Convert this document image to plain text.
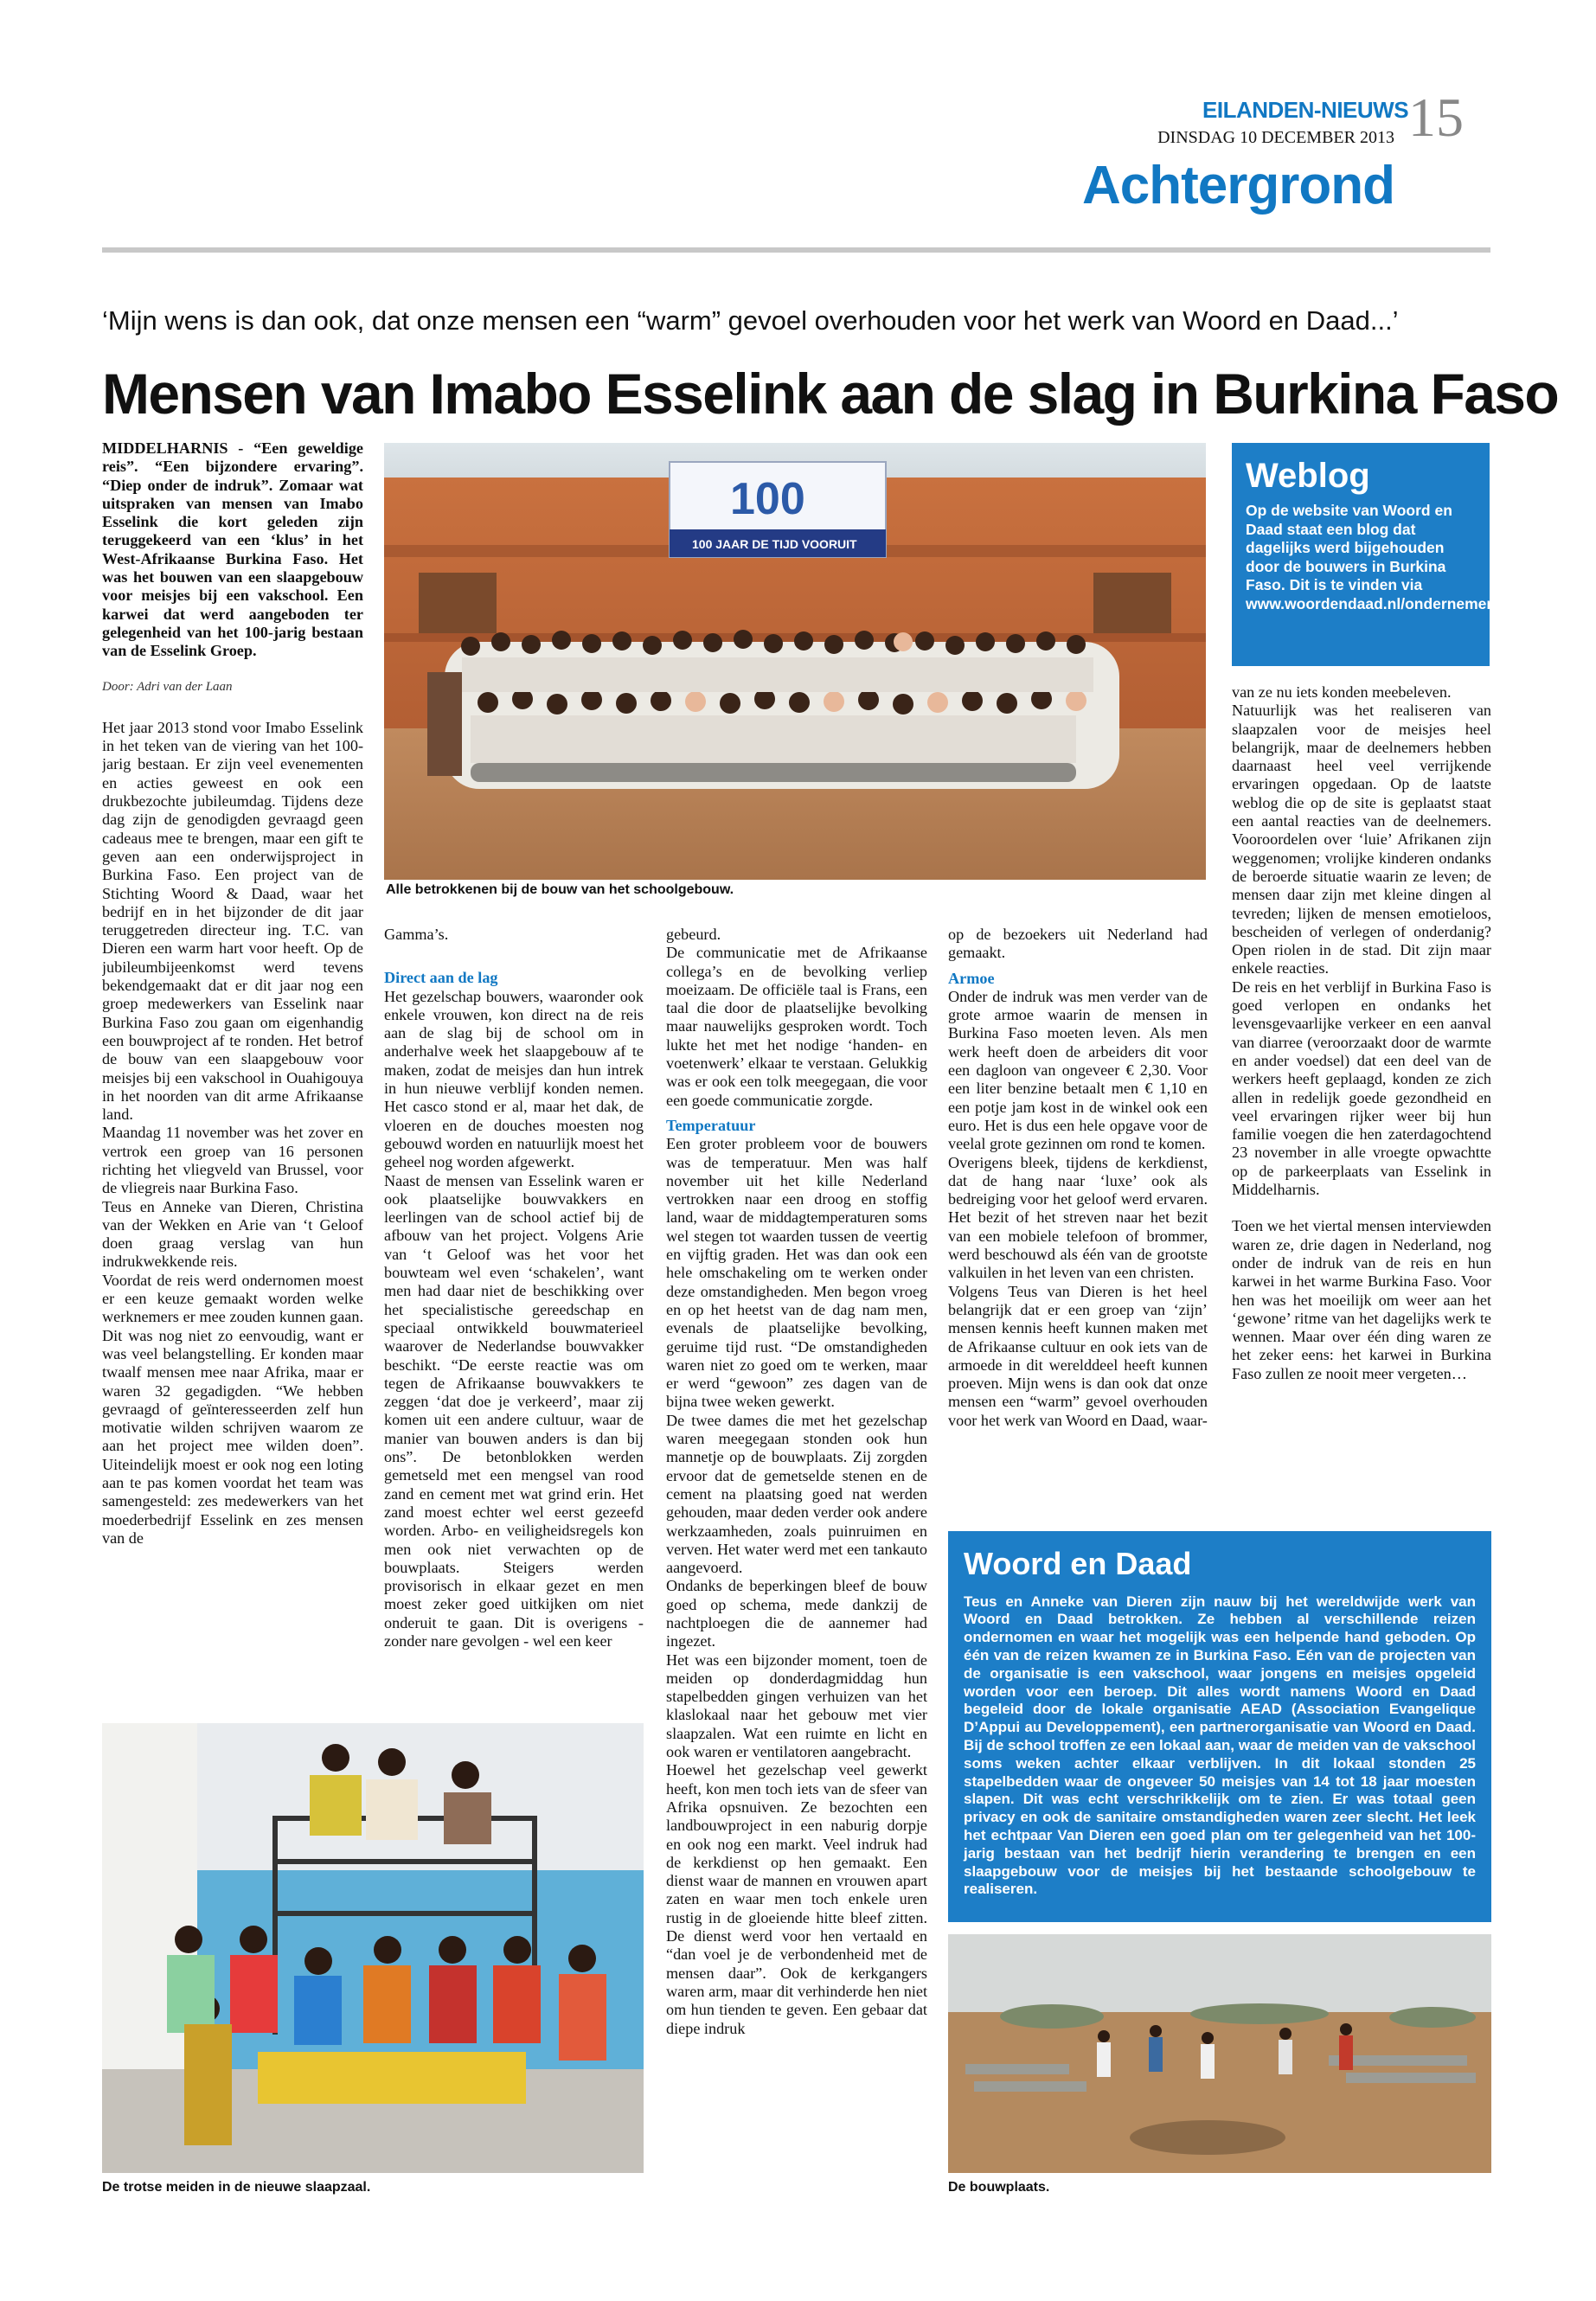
EILANDEN-NIEUWS
DINSDAG 10 DECEMBER 2013 15
Achtergrond
‘Mijn wens is dan ook, dat onze mensen een “warm” gevoel overhouden voor het werk van Woord en Daad...’
Mensen van Imabo Esselink aan de slag in Burkina Faso

MIDDELHARNIS - “Een geweldige reis”. “Een bijzondere ervaring”. “Diep onder de indruk”. Zomaar wat uitspraken van mensen van Imabo Esselink die kort geleden zijn teruggekeerd van een ‘klus’ in het West-Afrikaanse Burkina Faso. Het was het bouwen van een slaapgebouw voor meisjes bij een vakschool. Een karwei dat werd aangeboden ter gelegenheid van het 100-jarig bestaan van de Esselink Groep.

Door: Adri van der Laan

Het jaar 2013 stond voor Imabo Esselink in het teken van de viering van het 100-jarig bestaan. Er zijn veel evenementen en acties geweest en ook een drukbezochte jubileumdag. Tijdens deze dag zijn de genodigden gevraagd geen cadeaus mee te brengen, maar een gift te geven aan een onderwijsproject in Burkina Faso. Een project van de Stichting Woord & Daad, waar het bedrijf en in het bijzonder de dit jaar teruggetreden directeur ing. T.C. van Dieren een warm hart voor heeft. Op de jubileumbijeenkomst werd tevens bekendgemaakt dat er dit jaar nog een groep medewerkers van Esselink naar Burkina Faso zou gaan om eigenhandig een bouwproject af te ronden. Het betrof de bouw van een slaapgebouw voor meisjes bij een vakschool in Ouahigouya in het noorden van dit arme Afrikaanse land.

Maandag 11 november was het zover en vertrok een groep van 16 personen richting het vliegveld van Brussel, voor de vliegreis naar Burkina Faso.

Teus en Anneke van Dieren, Christina van der Wekken en Arie van ‘t Geloof doen graag verslag van hun indrukwekkende reis.

Voordat de reis werd ondernomen moest er een keuze gemaakt worden welke werknemers er mee zouden kunnen gaan. Dit was nog niet zo eenvoudig, want er was veel belangstelling. Er konden maar twaalf mensen mee naar Afrika, maar er waren 32 gegadigden. “We hebben gevraagd of geïnteresseerden zelf hun motivatie wilden schrijven waarom ze aan het project mee wilden doen”. Uiteindelijk moest er ook nog een loting aan te pas komen voordat het team was samengesteld: zes medewerkers van het moederbedrijf Esselink en zes mensen van de

100
100 JAAR DE TIJD VOORUIT
Alle betrokkenen bij de bouw van het schoolgebouw.

Gamma’s.

Direct aan de lag

Het gezelschap bouwers, waaronder ook enkele vrouwen, kon direct na de reis aan de slag bij de school om in anderhalve week het slaapgebouw af te maken, zodat de meisjes dan hun intrek in hun nieuwe verblijf konden nemen. Het casco stond er al, maar het dak, de vloeren en de douches moesten nog gebouwd worden en natuurlijk moest het geheel nog worden afgewerkt.

Naast de mensen van Esselink waren er ook plaatselijke bouwvakkers en leerlingen van de school actief bij de afbouw van het project. Volgens Arie van ‘t Geloof was het voor het bouwteam wel even ‘schakelen’, want men had daar niet de beschikking over het specialistische gereedschap en speciaal ontwikkeld bouwmaterieel waarover de Nederlandse bouwvakker beschikt. “De eerste reactie was om tegen de Afrikaanse bouwvakkers te zeggen ‘dat doe je verkeerd’, maar zij komen uit een andere cultuur, waar de manier van bouwen anders is dan bij ons”. De betonblokken werden gemetseld met een mengsel van rood zand en cement met wat grind erin. Het zand moest echter wel eerst gezeefd worden. Arbo- en veiligheidsregels kon men ook niet verwachten op de bouwplaats. Steigers werden provisorisch in elkaar gezet en men moest zeker goed uitkijken om niet onderuit te gaan. Dit is overigens - zonder nare gevolgen - wel een keer

gebeurd.

De communicatie met de Afrikaanse collega’s en de bevolking verliep moeizaam. De officiële taal is Frans, een taal die door de plaatselijke bevolking maar nauwelijks gesproken wordt. Toch lukte het met het nodige ‘handen- en voetenwerk’ elkaar te verstaan. Gelukkig was er ook een tolk meegegaan, die voor een goede communicatie zorgde.

Temperatuur

Een groter probleem voor de bouwers was de temperatuur. Men was half november uit het kille Nederland vertrokken naar een droog en stoffig land, waar de middagtemperaturen soms wel stegen tot waarden tussen de veertig en vijftig graden. Het was dan ook een hele omschakeling om te werken onder deze omstandigheden. Men begon vroeg en op het heetst van de dag nam men, evenals de plaatselijke bevolking, geruime tijd rust. “De omstandigheden waren niet zo goed om te werken, maar er werd “gewoon” zes dagen van de bijna twee weken gewerkt.

De twee dames die met het gezelschap waren meegegaan stonden ook hun mannetje op de bouwplaats. Zij zorgden ervoor dat de gemetselde stenen en de cement na plaatsing goed nat werden gehouden, maar deden verder ook andere werkzaamheden, zoals puinruimen en verven. Het water werd met een tankauto aangevoerd.

Ondanks de beperkingen bleef de bouw goed op schema, mede dankzij de nachtploegen die de aannemer had ingezet.

Het was een bijzonder moment, toen de meiden op donderdagmiddag hun stapelbedden gingen verhuizen van het klaslokaal naar het gebouw met vier slaapzalen. Wat een ruimte en licht en ook waren er ventilatoren aangebracht.

Hoewel het gezelschap veel gewerkt heeft, kon men toch iets van de sfeer van Afrika opsnuiven. Ze bezochten een landbouwproject in een naburig dorpje en ook nog een markt. Veel indruk had de kerkdienst op hen gemaakt. Een dienst waar de mannen en vrouwen apart zaten en waar men toch enkele uren rustig in de gloeiende hitte bleef zitten. De dienst werd voor hen vertaald en “dan voel je de verbondenheid met de mensen daar”. Ook de kerkgangers waren arm, maar dit verhinderde hen niet om hun tienden te geven. Een gebaar dat diepe indruk

op de bezoekers uit Nederland had gemaakt.

Armoe

Onder de indruk was men verder van de grote armoe waarin de mensen in Burkina Faso moeten leven. Als men werk heeft doen de arbeiders dit voor een dagloon van ongeveer € 2,30. Voor een liter benzine betaalt men € 1,10 en een potje jam kost in de winkel ook een euro. Het is dus een hele opgave voor de veelal grote gezinnen om rond te komen.

Overigens bleek, tijdens de kerkdienst, dat de hang naar ‘luxe’ ook als bedreiging voor het geloof werd ervaren. Het bezit of het streven naar het bezit van een mobiele telefoon of brommer, werd beschouwd als één van de grootste valkuilen in het leven van een christen.

Volgens Teus van Dieren is het heel belangrijk dat er een groep van ‘zijn’ mensen kennis heeft kunnen maken met de Afrikaanse cultuur en ook iets van de armoede in dit werelddeel heeft kunnen proeven. Mijn wens is dan ook dat onze mensen een “warm” gevoel overhouden voor het werk van Woord en Daad, waar-

Weblog
Op de website van Woord en Daad staat een blog dat dagelijks werd bijgehouden door de bouwers in Burkina Faso. Dit is te vinden via www.woordendaad.nl/ondernemers/blogs

van ze nu iets konden meebeleven.

Natuurlijk was het realiseren van slaapzalen voor de meisjes heel belangrijk, maar de deelnemers hebben daarnaast heel veel verrijkende ervaringen opgedaan. Op de laatste weblog die op de site is geplaatst staat een aantal reacties van de deelnemers. Vooroordelen over ‘luie’ Afrikanen zijn weggenomen; vrolijke kinderen ondanks de beroerde situatie waarin ze leven; de mensen daar zijn met kleine dingen al tevreden; lijken de mensen emotieloos, bescheiden of verlegen of onderdanig? Open riolen in de stad. Dit zijn maar enkele reacties.

De reis en het verblijf in Burkina Faso is goed verlopen en ondanks het levensgevaarlijke verkeer en een aanval van diarree (veroorzaakt door de warmte en ander voedsel) dat een deel van de werkers heeft geplaagd, konden ze zich allen in redelijk goede gezondheid en veel ervaringen rijker weer bij hun familie voegen die hen zaterdagochtend 23 november in alle vroegte opwachtte op de parkeerplaats van Esselink in Middelharnis.

Toen we het viertal mensen interviewden waren ze, drie dagen in Nederland, nog onder de indruk van de reis en hun karwei in het warme Burkina Faso. Voor hen was het moeilijk om weer aan het ‘gewone’ ritme van het dagelijks werk te wennen. Maar over één ding waren ze het zeker eens: het karwei in Burkina Faso zullen ze nooit meer vergeten…

Woord en Daad
Teus en Anneke van Dieren zijn nauw bij het wereldwijde werk van Woord en Daad betrokken. Ze hebben al verschillende reizen ondernomen en waar het mogelijk was een helpende hand geboden. Op één van de reizen kwamen ze in Burkina Faso. Eén van de projecten van de organisatie is een vakschool, waar jongens en meisjes opgeleid worden voor een beroep. Dit alles wordt namens Woord en Daad begeleid door de lokale organisatie AEAD (Association Evangelique D’Appui au Developpement), een partnerorganisatie van Woord en Daad. Bij de school troffen ze een lokaal aan, waar de meiden van de vakschool soms weken achter elkaar verblijven. In dit lokaal stonden 25 stapelbedden waar de ongeveer 50 meisjes van 14 tot 18 jaar moesten slapen. Dit was echt verschrikkelijk om te zien. Er was totaal geen privacy en ook de sanitaire omstandigheden waren zeer slecht. Het leek het echtpaar Van Dieren een goed plan om ter gelegenheid van het 100-jarig bestaan van het bedrijf hierin verandering te brengen en een slaapgebouw voor de meisjes bij het bestaande schoolgebouw te realiseren.
De trotse meiden in de nieuwe slaapzaal.	De bouwplaats.
